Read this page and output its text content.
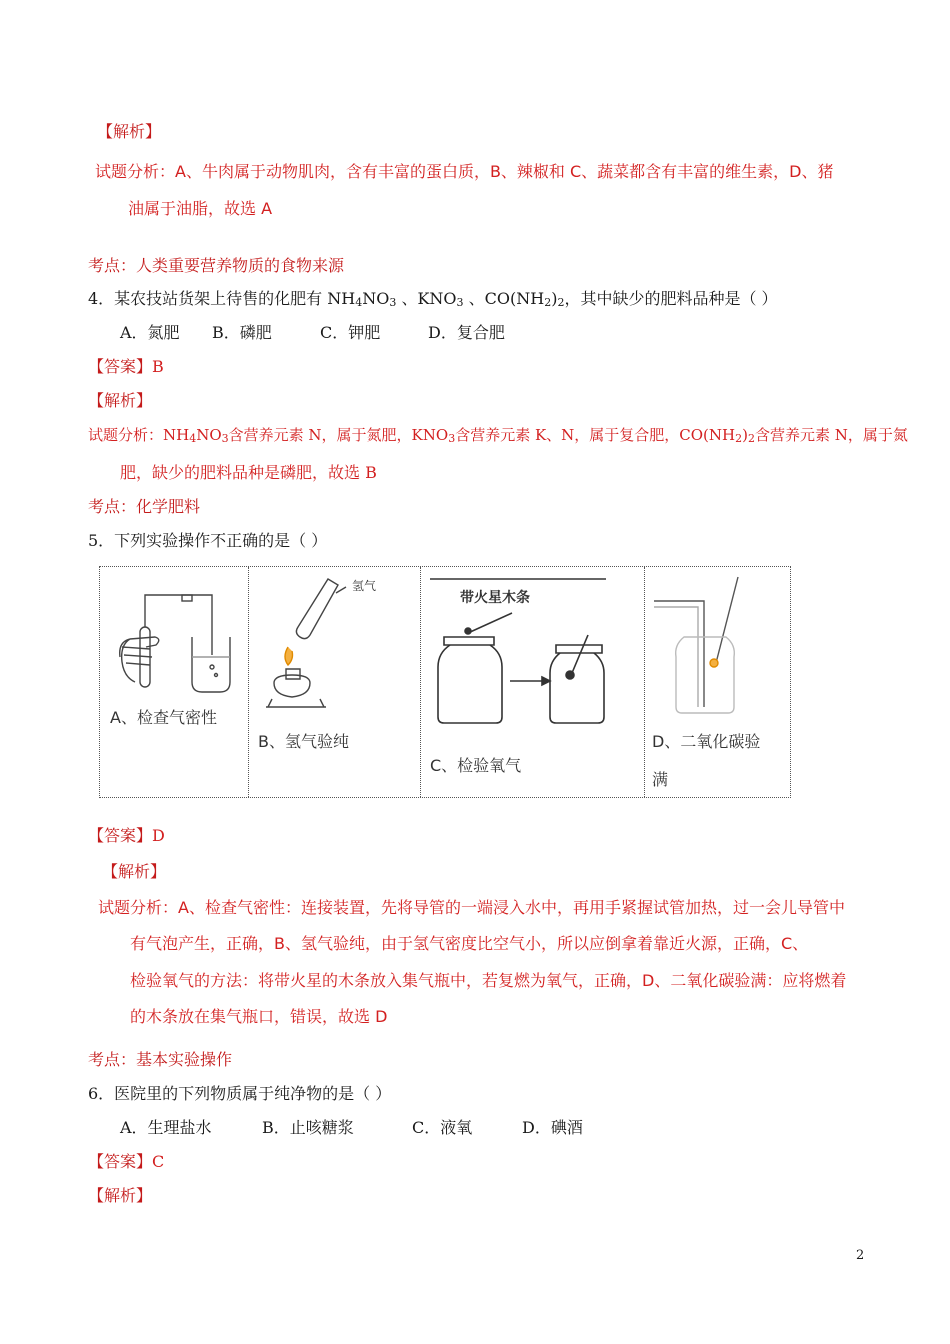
【解析】
试题分析：A、牛肉属于动物肌肉，含有丰富的蛋白质，B、辣椒和 C、蔬菜都含有丰富的维生素，D、猪
油属于油脂，故选 A
考点：人类重要营养物质的食物来源
4．某农技站货架上待售的化肥有 NH4NO3 、KNO3 、CO(NH2)2，其中缺少的肥料品种是（ ）
A．氮肥 B．磷肥	C．钾肥	D．复合肥
【答案】B
【解析】
试题分析：NH4NO3含营养元素 N，属于氮肥，KNO3含营养元素 K、N，属于复合肥，CO(NH2)2含营养元素 N，属于氮
肥，缺少的肥料品种是磷肥，故选 B
考点：化学肥料
5．下列实验操作不正确的是（ ）
A、检查气密性
氢气
B、氢气验纯
带火星木条
C、检验氧气
D、二氧化碳验
满
【答案】D
【解析】
试题分析：A、检查气密性：连接装置，先将导管的一端浸入水中，再用手紧握试管加热，过一会儿导管中
有气泡产生，正确，B、氢气验纯，由于氢气密度比空气小，所以应倒拿着靠近火源，正确，C、
检验氧气的方法：将带火星的木条放入集气瓶中，若复燃为氧气，正确，D、二氧化碳验满：应将燃着
的木条放在集气瓶口，错误，故选 D
考点：基本实验操作
6．医院里的下列物质属于纯净物的是（ ）
A．生理盐水	B．止咳糖浆	C．液氧	D．碘酒
【答案】C
【解析】
2
